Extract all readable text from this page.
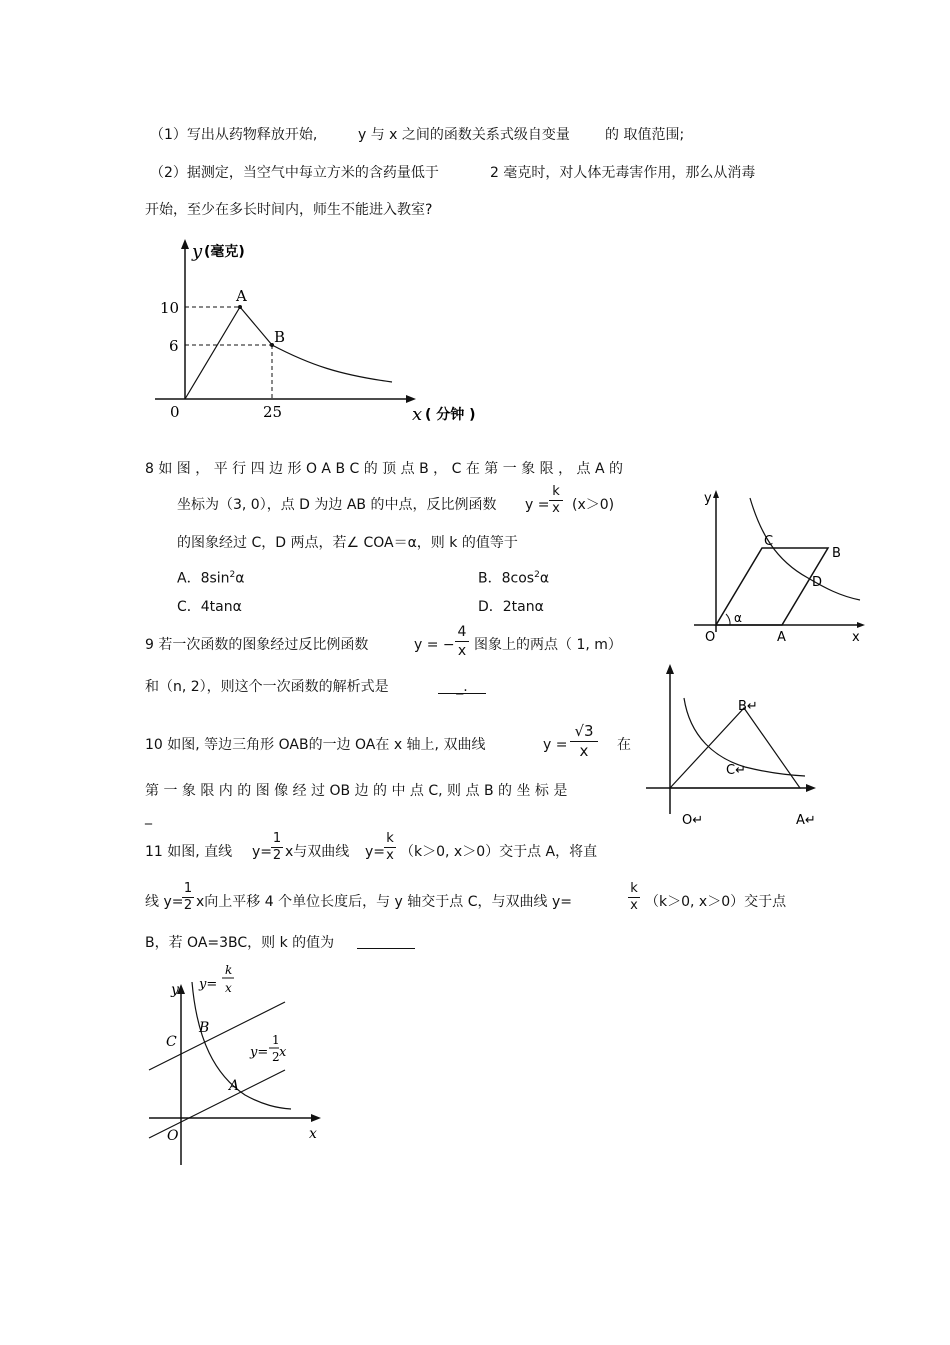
（1）写出从药物释放开始,	y 与 x 之间的函数关系式级自变量	的 取值范围;
（2）据测定，当空气中每立方米的含药量低于	2 毫克时，对人体无毒害作用，那么从消毒
开始，至少在多长时间内，师生不能进入教室?
y (毫克)
10
6
0	25
A
B
x ( 分钟 )
8 如 图 ， 平 行 四 边 形 O A B C 的 顶 点 B ， C 在 第 一 象 限 ， 点 A 的
坐标为（3, 0），点 D 为边 AB 的中点，反比例函数 y =
k
x (x＞0)
的图象经过 C，D 两点，若∠ COA＝α，则 k 的值等于
A．$8\sin^2\alpha$	B．$8\cos^2\alpha$
C．4tanα	D．2tanα
y
x
O	A
B
C
D
α
9 若一次函数的图象经过反比例函数	y = −
4
x 图象上的两点（ 1, m）
和（n, 2），则这个一次函数的解析式是	_.
B↵
C↵
O↵	A↵
10 如图, 等边三角形 OAB的一边 OA在 x 轴上, 双曲线	y =
√3
x	在
第 一 象 限 内 的 图 像 经 过 OB 边 的 中 点 C, 则 点 B 的 坐 标 是
_
11 如图, 直线 y=
1
2 x与双曲线 y=
k
x （k＞0, x＞0）交于点 A，将直
线 y=
1
2 x向上平移 4 个单位长度后，与 y 轴交于点 C，与双曲线 y=
k
x （k＞0, x＞0）交于点
B，若 OA=3BC，则 k 的值为
y
x
O
A
B
C
y=
k
x
y=
1
2 x
